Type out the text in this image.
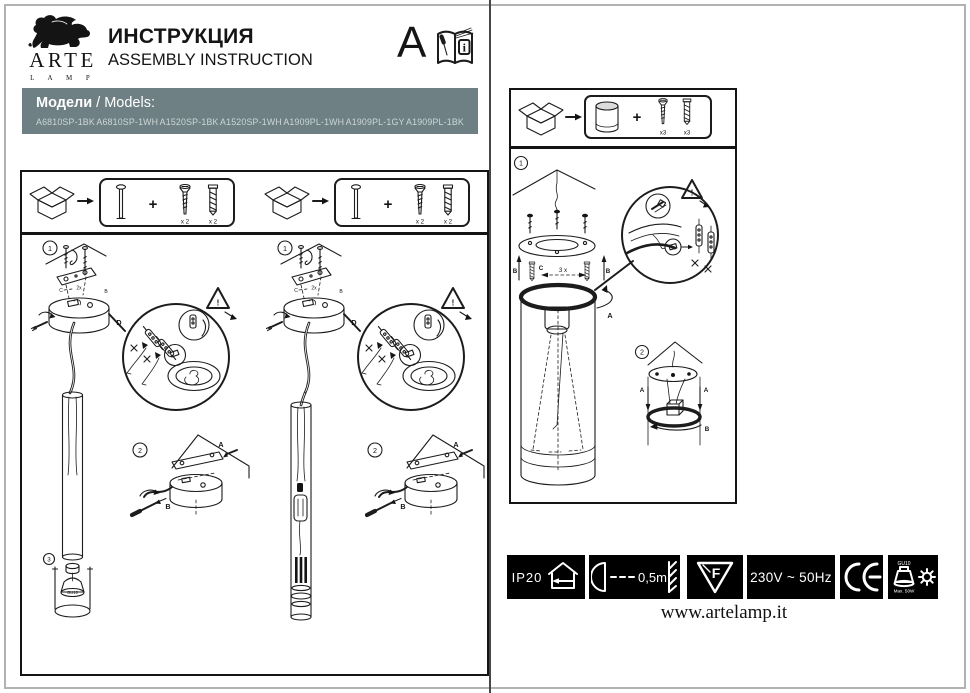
ARTE
L A M P

ИНСТРУКЦИЯ

ASSEMBLY INSTRUCTION A	i
Модели / Models:
A6810SP-1BK A6810SP-1WH A1520SP-1BK A1520SP-1WH A1909PL-1WH A1909PL-1GY A1909PL-1BK
3
GU10
+
x3	x3
1
B	C	3 x	B
A
!
2
A	A
B
IP20	0,5m	F 230V ~ 50Hz
GU10
Max. 50W
www.artelamp.it
